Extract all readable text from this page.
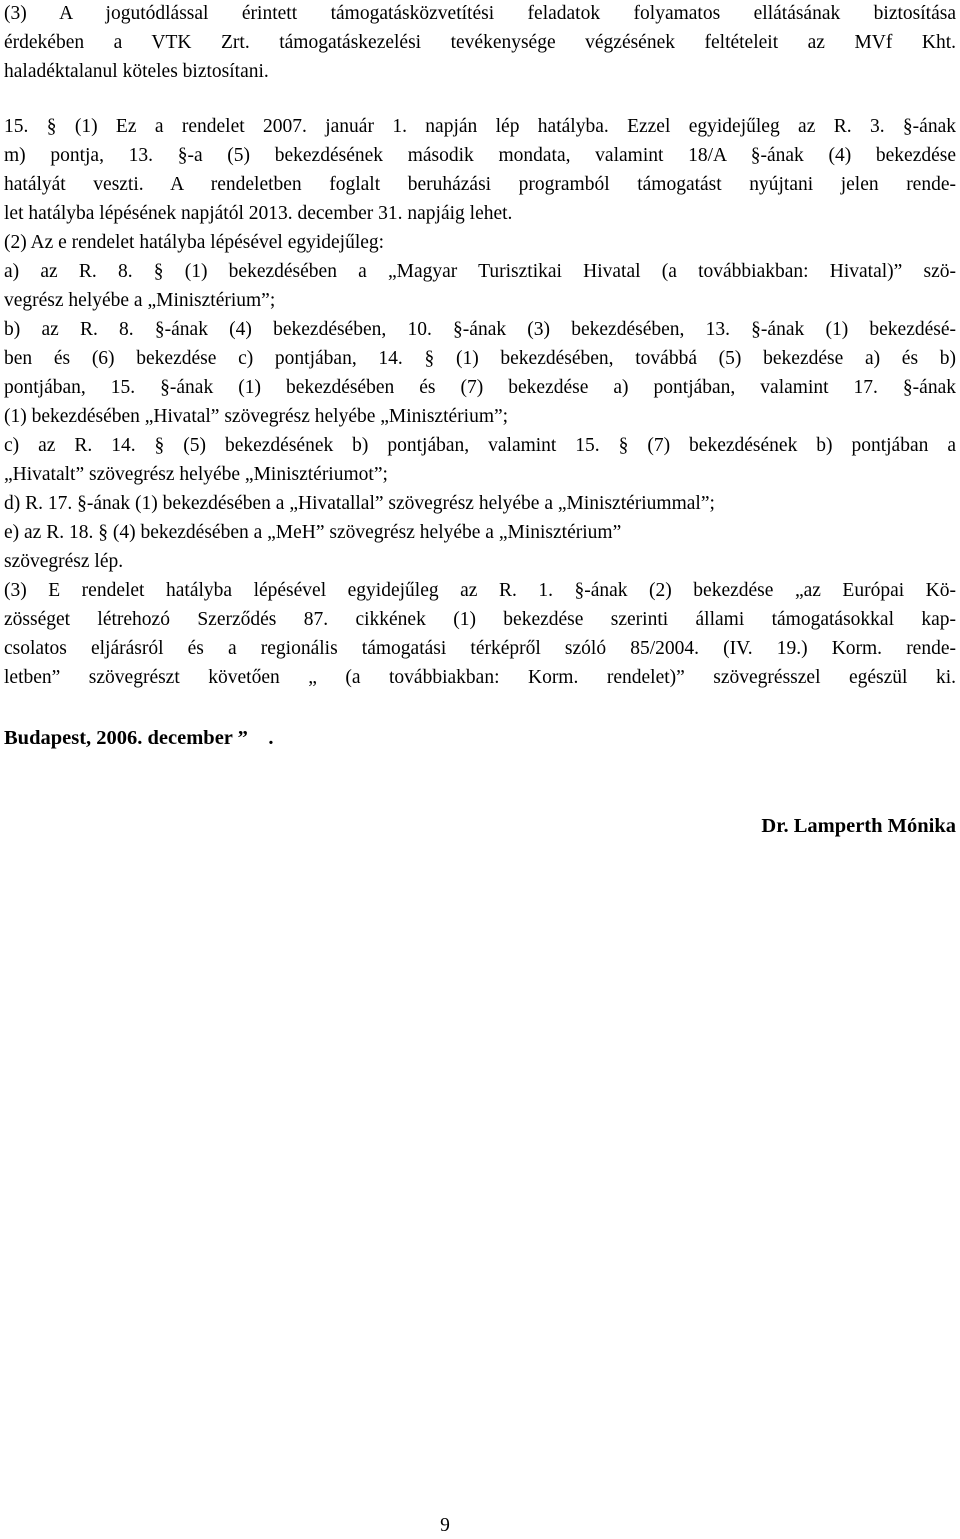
(3) A jogutódlással érintett támogatásközvetítési feladatok folyamatos ellátásának biztosítása
érdekében a VTK Zrt. támogatáskezelési tevékenysége végzésének feltételeit az MVf Kht.
haladéktalanul köteles biztosítani.
15. § (1) Ez a rendelet 2007. január 1. napján lép hatályba. Ezzel egyidejűleg az R. 3. §-ának
m) pontja, 13. §-a (5) bekezdésének második mondata, valamint 18/A §-ának (4) bekezdése
hatályát veszti. A rendeletben foglalt beruházási programból támogatást nyújtani jelen rende-
let hatályba lépésének napjától 2013. december 31. napjáig lehet.
(2) Az e rendelet hatályba lépésével egyidejűleg:
a) az R. 8. § (1) bekezdésében a „Magyar Turisztikai Hivatal (a továbbiakban: Hivatal)” szö-
vegrész helyébe a „Minisztérium”;
b) az R. 8. §-ának (4) bekezdésében, 10. §-ának (3) bekezdésében, 13. §-ának (1) bekezdésé-
ben és (6) bekezdése c) pontjában, 14. § (1) bekezdésében, továbbá (5) bekezdése a) és b)
pontjában, 15. §-ának (1) bekezdésében és (7) bekezdése a) pontjában, valamint 17. §-ának
(1) bekezdésében „Hivatal” szövegrész helyébe „Minisztérium”;
c) az R. 14. § (5) bekezdésének b) pontjában, valamint 15. § (7) bekezdésének b) pontjában a
„Hivatalt” szövegrész helyébe „Minisztériumot”;
d) R. 17. §-ának (1) bekezdésében a „Hivatallal” szövegrész helyébe a „Minisztériummal”;
e) az R. 18. § (4) bekezdésében a „MeH” szövegrész helyébe a „Minisztérium”
szövegrész lép.
(3) E rendelet hatályba lépésével egyidejűleg az R. 1. §-ának (2) bekezdése „az Európai Kö-
zösséget létrehozó Szerződés 87. cikkének (1) bekezdése szerinti állami támogatásokkal kap-
csolatos eljárásról és a regionális támogatási térképről szóló 85/2004. (IV. 19.) Korm. rende-
letben” szövegrészt követően „ (a továbbiakban: Korm. rendelet)” szövegrésszel egészül ki.
Budapest, 2006. december ”    .
Dr. Lamperth Mónika
9
